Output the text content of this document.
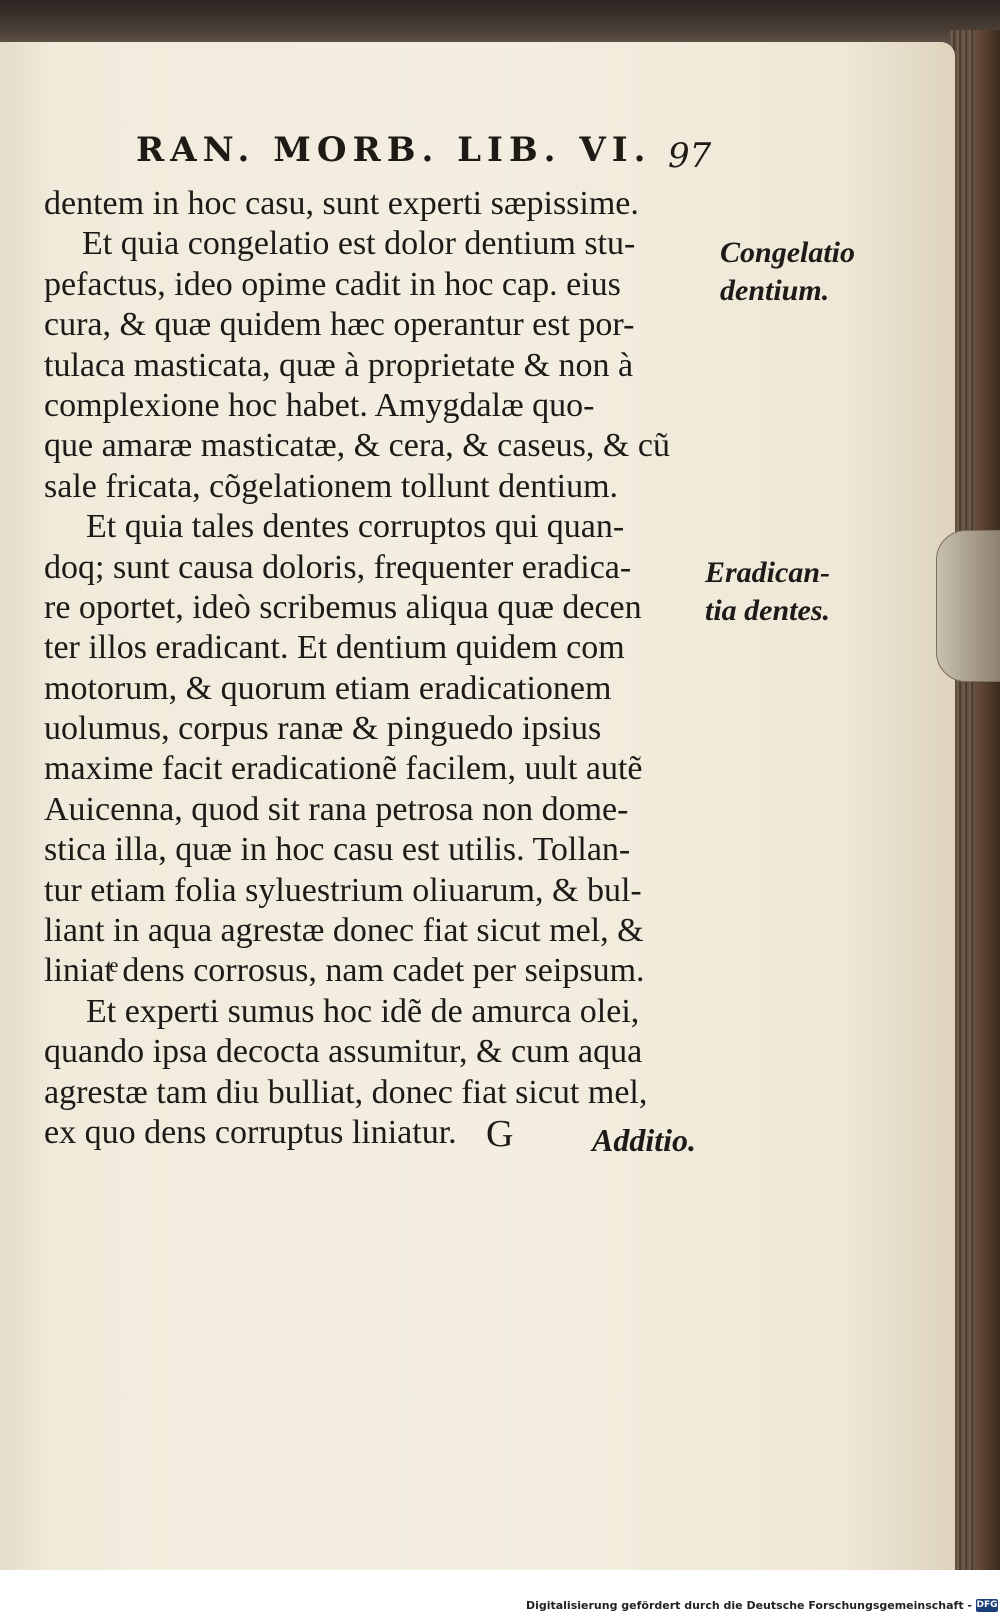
RAN. MORB. LIB. VI. 97
dentem in hoc casu, sunt experti sæpissime.
Et quia congelatio est dolor dentium stu-
pefactus, ideo opime cadit in hoc cap. eius
cura, & quæ quidem hæc operantur est por-
tulaca masticata, quæ à proprietate & non à
complexione hoc habet. Amygdalæ quo-
que amaræ masticatæ, & cera, & caseus, & cũ
sale fricata, cõgelationem tollunt dentium.
Et quia tales dentes corruptos qui quan-
doq; sunt causa doloris, frequenter eradica-
re oportet, ideò scribemus aliqua quæ decen
ter illos eradicant. Et dentium quidem com
motorum, & quorum etiam eradicationem
uolumus, corpus ranæ & pinguedo ipsius
maxime facit eradicationẽ facilem, uult autẽ
Auicenna, quod sit rana petrosa non dome-
stica illa, quæ in hoc casu est utilis. Tollan-
tur etiam folia syluestrium oliuarum, & bul-
liant in aqua agrestæ donec fiat sicut mel, &
liniatͤ dens corrosus, nam cadet per seipsum.
Et experti sumus hoc idẽ de amurca olei,
quando ipsa decocta assumitur, & cum aqua
agrestæ tam diu bulliat, donec fiat sicut mel,
ex quo dens corruptus liniatur.
Congelatio
dentium.
Eradican-
tia dentes.
G Additio.
Digitalisierung gefördert durch die Deutsche Forschungsgemeinschaft - DFG
